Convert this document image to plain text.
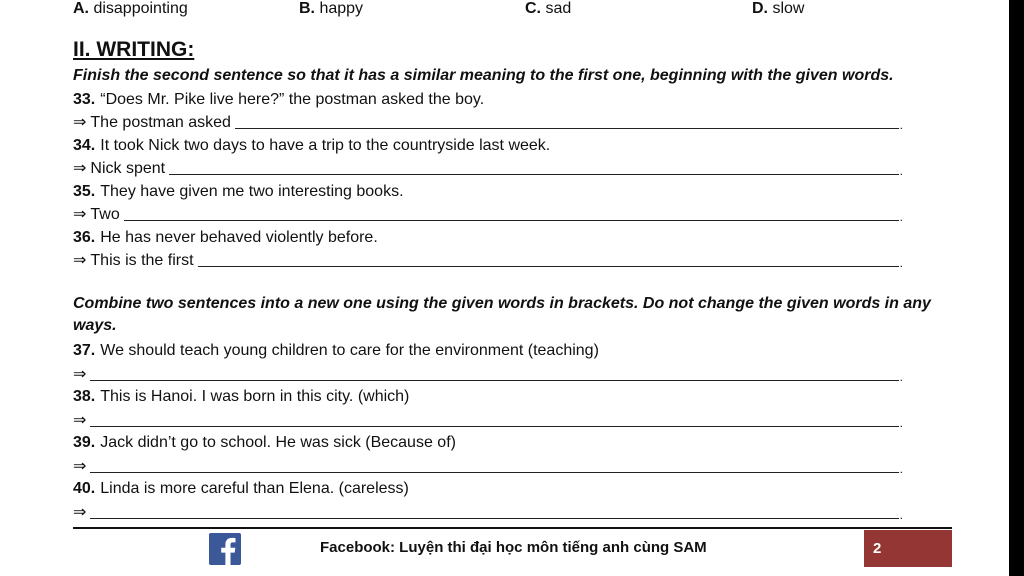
A. disappointing	B. happy	C. sad	D. slow
II. WRITING:
Finish the second sentence so that it has a similar meaning to the first one, beginning with the given words.
33. “Does Mr. Pike live here?” the postman asked the boy.
⇒ The postman asked	.
34. It took Nick two days to have a trip to the countryside last week.
⇒ Nick spent	.
35. They have given me two interesting books.
⇒ Two	.
36. He has never behaved violently before.
⇒ This is the first	.
Combine two sentences into a new one using the given words in brackets. Do not change the given words in any ways.
37. We should teach young children to care for the environment (teaching)
⇒	.
38. This is Hanoi. I was born in this city. (which)
⇒	.
39. Jack didn’t go to school. He was sick (Because of)
⇒	.
40. Linda is more careful than Elena. (careless)
⇒	.
Facebook: Luyện thi đại học môn tiếng anh cùng SAM	2
